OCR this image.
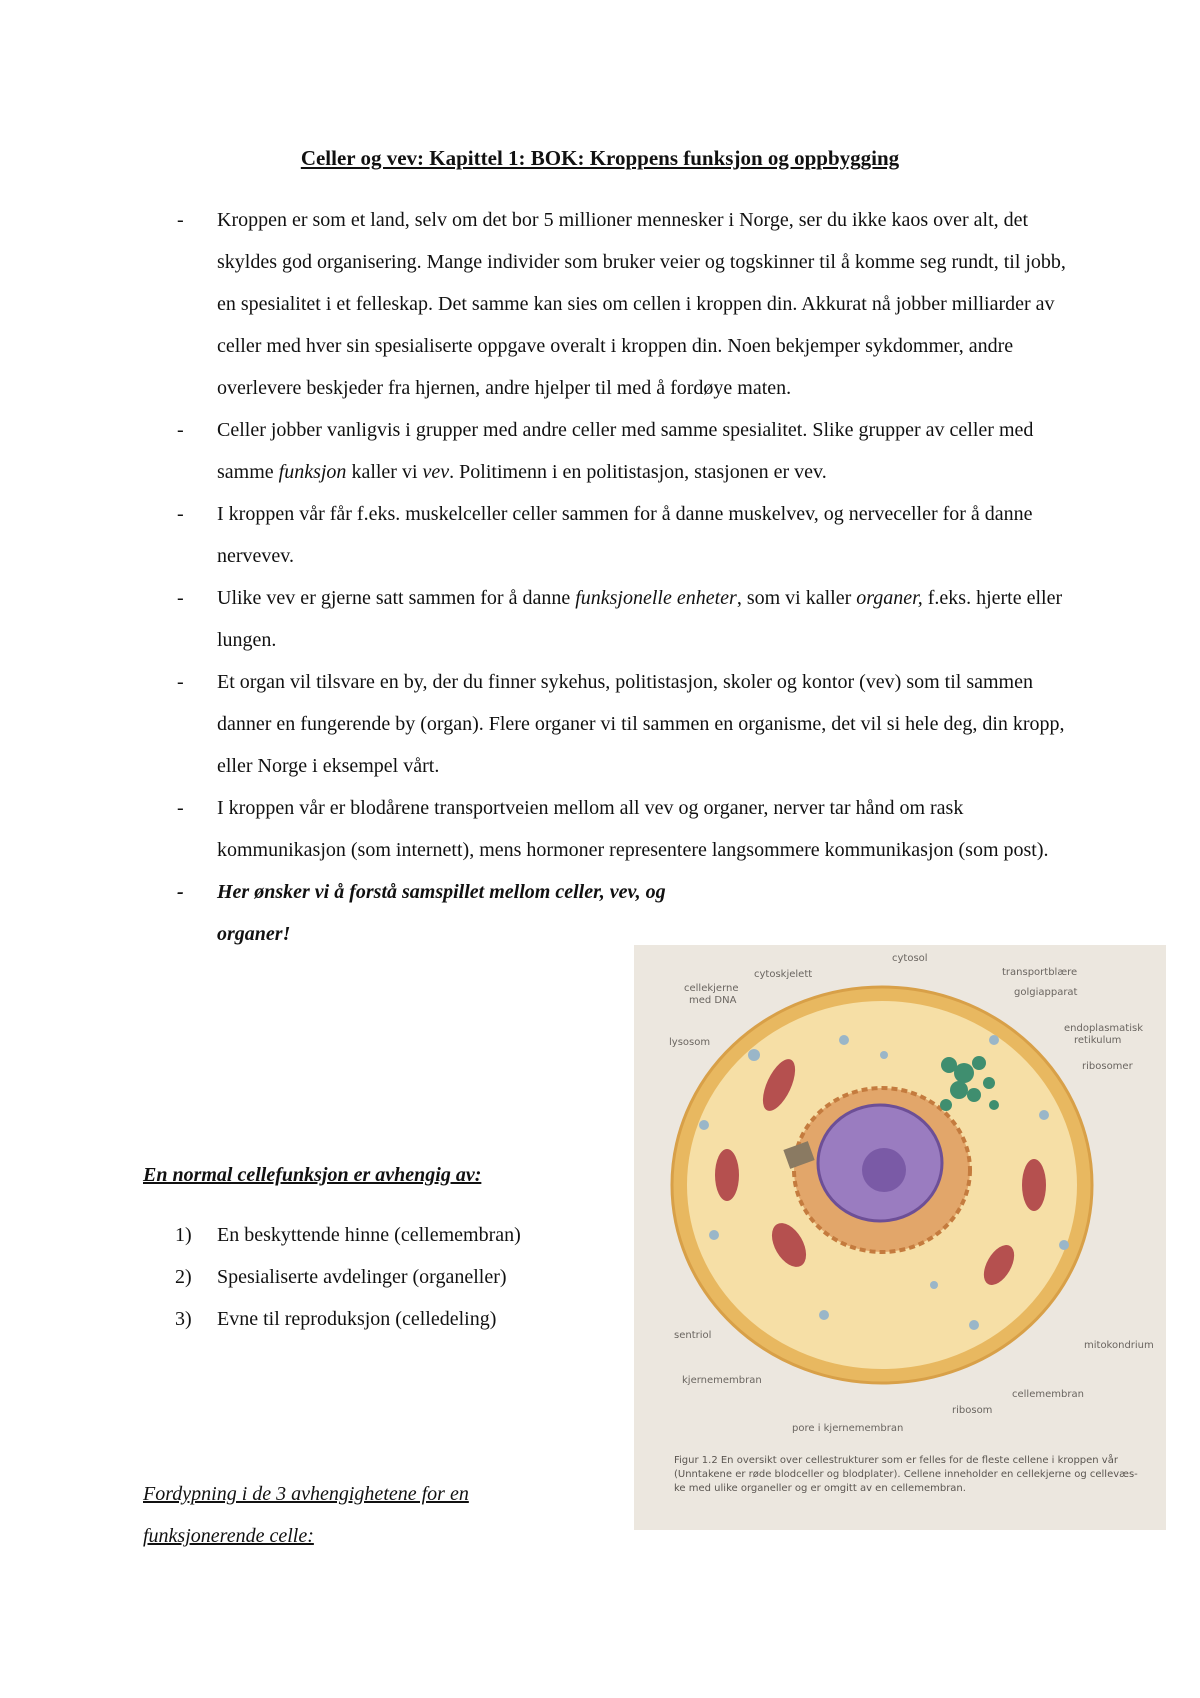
Celler og vev: Kapittel 1: BOK: Kroppens funksjon og oppbygging
- Kroppen er som et land, selv om det bor 5 millioner mennesker i Norge, ser du ikke kaos over alt, det skyldes god organisering. Mange individer som bruker veier og togskinner til å komme seg rundt, til jobb, en spesialitet i et felleskap. Det samme kan sies om cellen i kroppen din. Akkurat nå jobber milliarder av celler med hver sin spesialiserte oppgave overalt i kroppen din. Noen bekjemper sykdommer, andre overlevere beskjeder fra hjernen, andre hjelper til med å fordøye maten.
- Celler jobber vanligvis i grupper med andre celler med samme spesialitet. Slike grupper av celler med samme funksjon kaller vi vev. Politimenn i en politistasjon, stasjonen er vev.
- I kroppen vår får f.eks. muskelceller celler sammen for å danne muskelvev, og nerveceller for å danne nervevev.
- Ulike vev er gjerne satt sammen for å danne funksjonelle enheter, som vi kaller organer, f.eks. hjerte eller lungen.
- Et organ vil tilsvare en by, der du finner sykehus, politistasjon, skoler og kontor (vev) som til sammen danner en fungerende by (organ). Flere organer vi til sammen en organisme, det vil si hele deg, din kropp, eller Norge i eksempel vårt.
- I kroppen vår er blodårene transportveien mellom all vev og organer, nerver tar hånd om rask kommunikasjon (som internett), mens hormoner representere langsommere kommunikasjon (som post).
- Her ønsker vi å forstå samspillet mellom celler, vev, og organer!
En normal cellefunksjon er avhengig av:
1) En beskyttende hinne (cellemembran)
2) Spesialiserte avdelinger (organeller)
3) Evne til reproduksjon (celledeling)
Fordypning i de 3 avhengighetene for en funksjonerende celle:
cytosol
cytoskjelett
cellekjerne
med DNA
transportblære
golgiapparat
endoplasmatisk
retikulum
ribosomer
lysosom
sentriol
kjernemembran
mitokondrium
cellemembran
ribosom
pore i kjernemembran
Figur 1.2 En oversikt over cellestrukturer som er felles for de fleste cellene i kroppen vår
(Unntakene er røde blodceller og blodplater). Cellene inneholder en cellekjerne og cellevæs-
ke med ulike organeller og er omgitt av en cellemembran.
